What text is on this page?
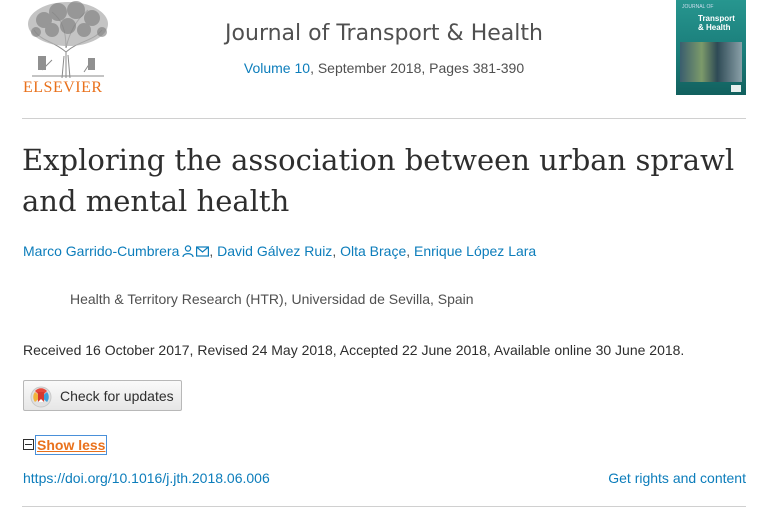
ELSEVIER
Journal of Transport & Health
Volume 10, September 2018, Pages 381-390
JOURNAL OF
Transport
& Health
Exploring the association between urban sprawl and mental health
Marco Garrido-Cumbrera , David Gálvez Ruiz, Olta Braçe, Enrique López Lara
Health & Territory Research (HTR), Universidad de Sevilla, Spain
Received 16 October 2017, Revised 24 May 2018, Accepted 22 June 2018, Available online 30 June 2018.
Check for updates
Show less
https://doi.org/10.1016/j.jth.2018.06.006	Get rights and content
